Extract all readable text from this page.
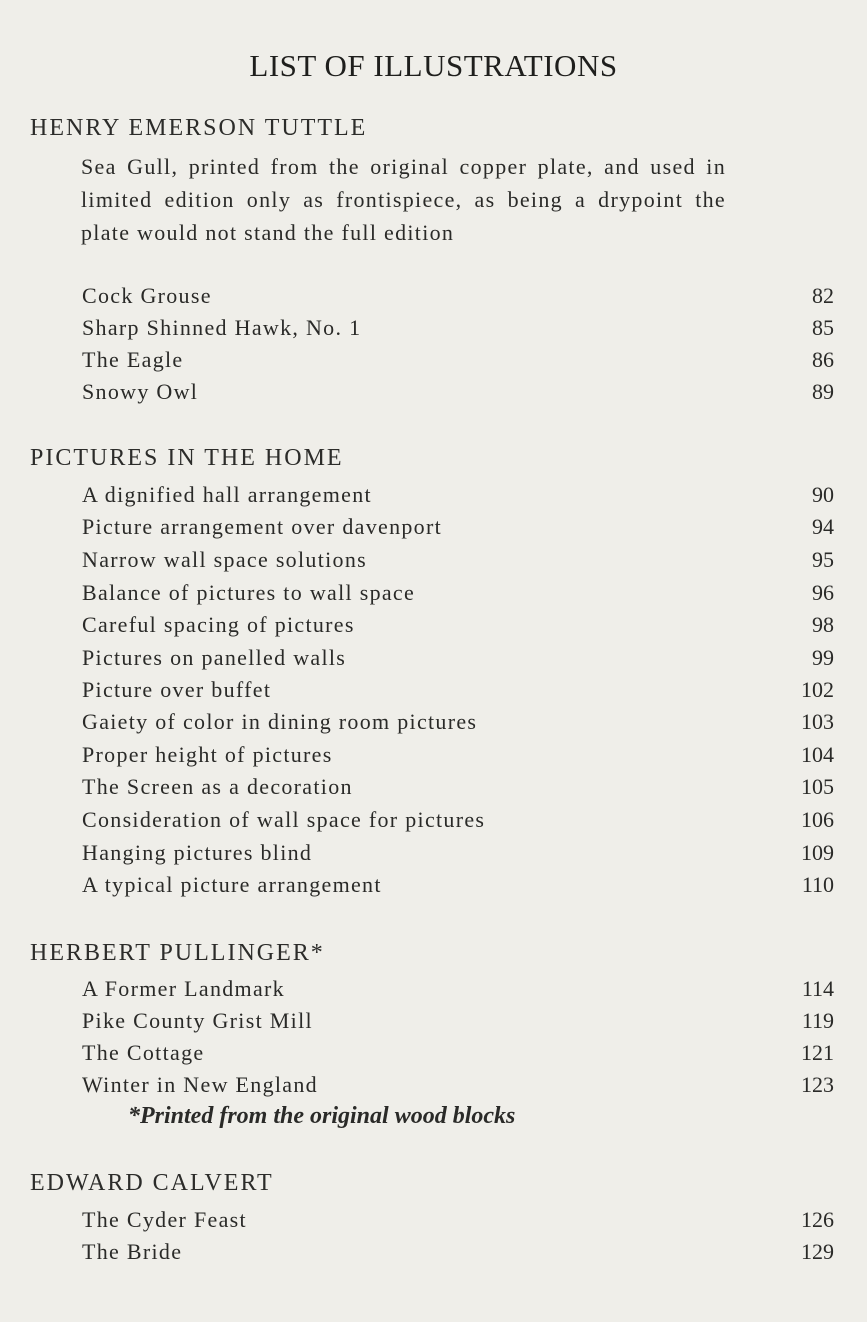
LIST OF ILLUSTRATIONS
HENRY EMERSON TUTTLE
Sea Gull, printed from the original copper plate, and used in limited edition only as frontispiece, as being a drypoint the plate would not stand the full edition
Cock Grouse	82
Sharp Shinned Hawk, No. 1	85
The Eagle	86
Snowy Owl	89
PICTURES IN THE HOME
A dignified hall arrangement	90
Picture arrangement over davenport	94
Narrow wall space solutions	95
Balance of pictures to wall space	96
Careful spacing of pictures	98
Pictures on panelled walls	99
Picture over buffet	102
Gaiety of color in dining room pictures	103
Proper height of pictures	104
The Screen as a decoration	105
Consideration of wall space for pictures	106
Hanging pictures blind	109
A typical picture arrangement	110
HERBERT PULLINGER*
A Former Landmark	114
Pike County Grist Mill	119
The Cottage	121
Winter in New England	123
*Printed from the original wood blocks
EDWARD CALVERT
The Cyder Feast	126
The Bride	129
